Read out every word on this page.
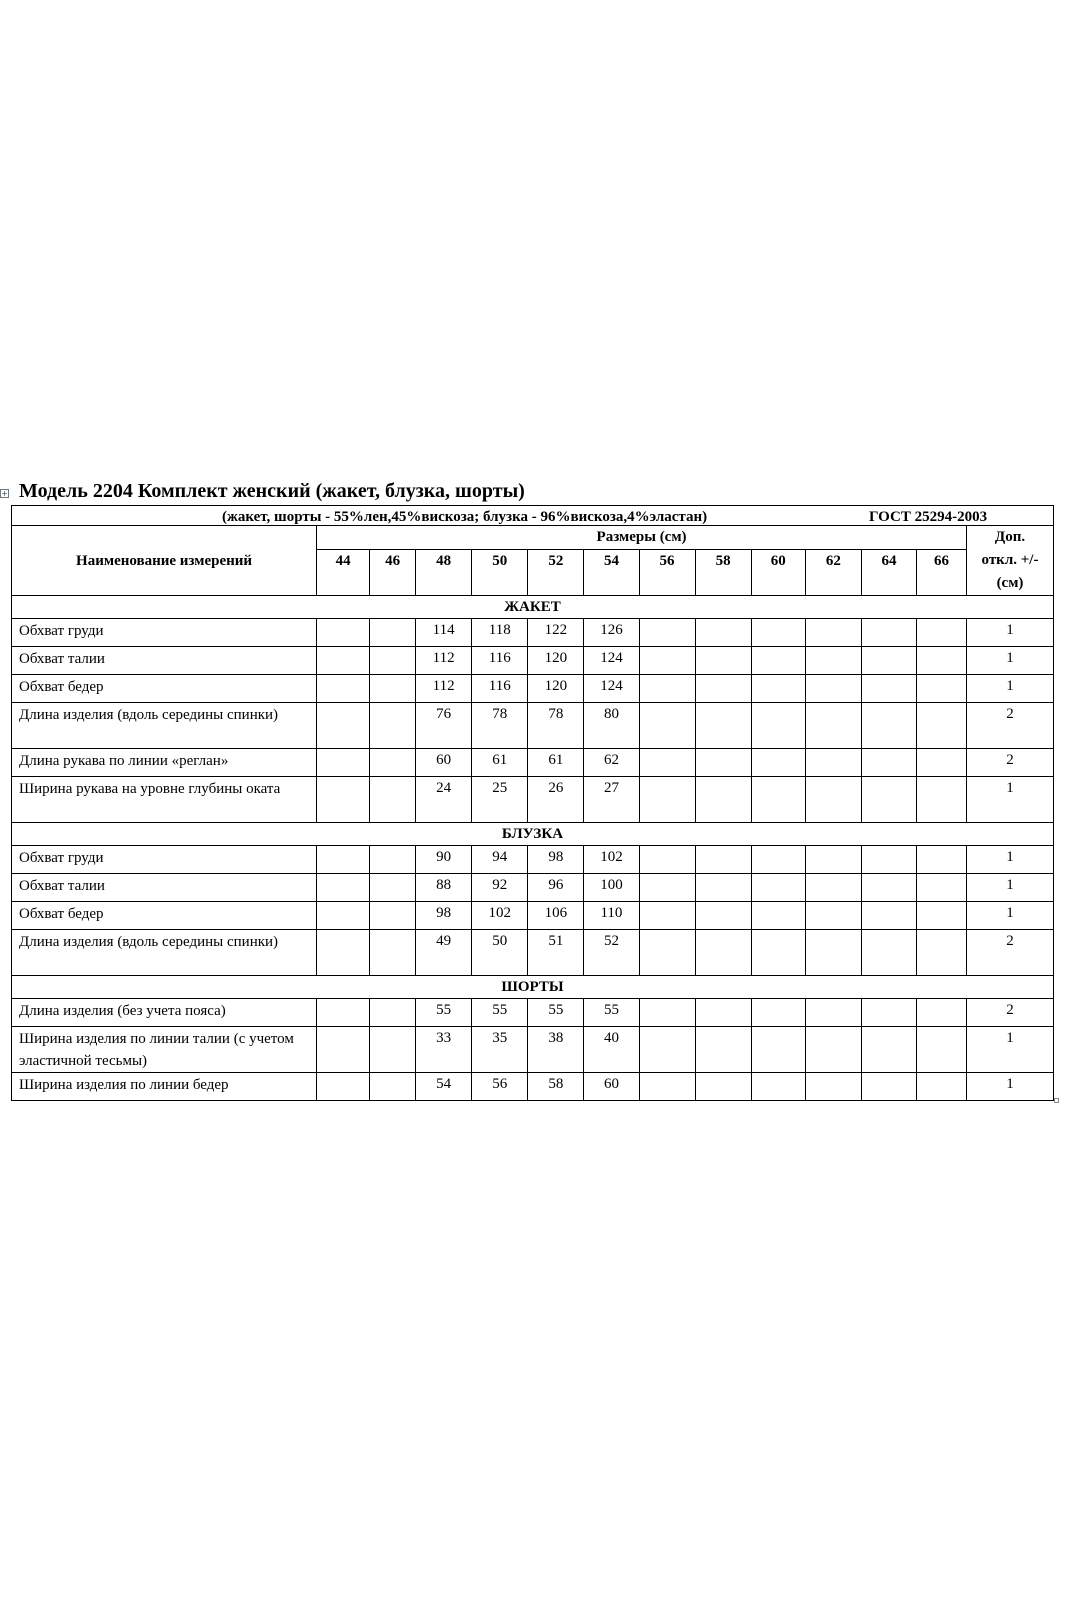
+ Модель 2204 Комплект женский (жакет, блузка, шорты)
(жакет, шорты - 55%лен,45%вискоза; блузка - 96%вискоза,4%эластан) ГОСТ 25294-2003													

Наименование измерений	Размеры (см)												Доп.
откл. +/-
(см)

	44	46	48	50	52	54	56	58	60	62	64	66	
ЖАКЕТ													
Обхват груди			114	118	122	126							1
Обхват талии			112	116	120	124							1
Обхват бедер			112	116	120	124							1
Длина изделия (вдоль середины спинки)			76	78	78	80							2
Длина рукава по линии «реглан»			60	61	61	62							2
Ширина рукава на уровне глубины оката			24	25	26	27							1
БЛУЗКА													
Обхват груди			90	94	98	102							1
Обхват талии			88	92	96	100							1
Обхват бедер			98	102	106	110							1
Длина изделия (вдоль середины спинки)			49	50	51	52							2
ШОРТЫ													
Длина изделия (без учета пояса)			55	55	55	55							2
Ширина изделия по линии талии (с учетом эластичной тесьмы)			33	35	38	40							1
Ширина изделия по линии бедер			54	56	58	60							1
